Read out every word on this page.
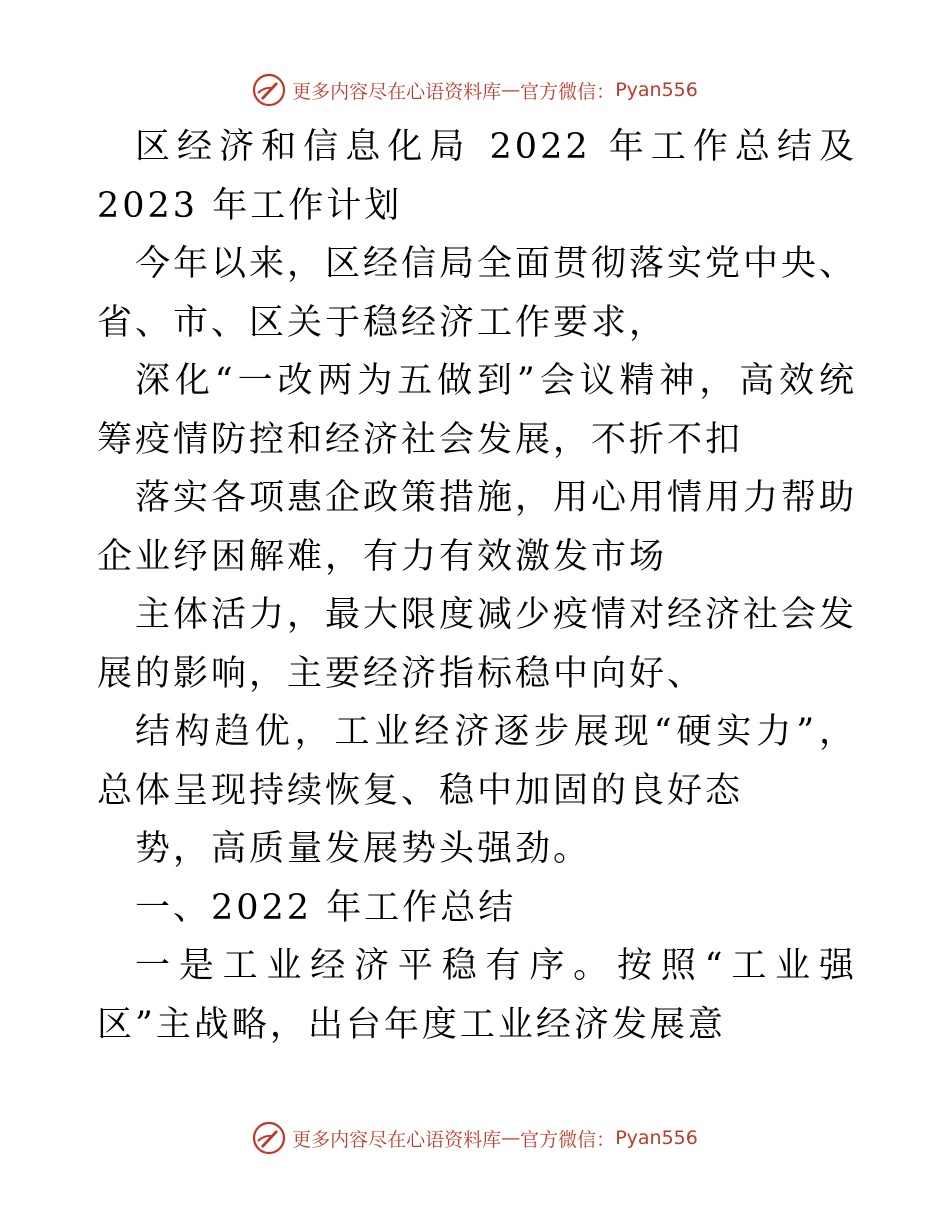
更多内容尽在心语资料库 — 官方微信： Pyan556

区经济和信息化局 2022 年工作总结及 2023 年工作计划

今年以来，区经信局全面贯彻落实党中央、省、市、区关于稳经济工作要求，

深化“一改两为五做到”会议精神，高效统筹疫情防控和经济社会发展，不折不扣

落实各项惠企政策措施，用心用情用力帮助企业纾困解难，有力有效激发市场

主体活力，最大限度减少疫情对经济社会发展的影响，主要经济指标稳中向好、

结构趋优，工业经济逐步展现“硬实力”，总体呈现持续恢复、稳中加固的良好态

势，高质量发展势头强劲。

一、2022 年工作总结

一是工业经济平稳有序。按照“工业强区”主战略，出台年度工业经济发展意

更多内容尽在心语资料库 — 官方微信： Pyan556
